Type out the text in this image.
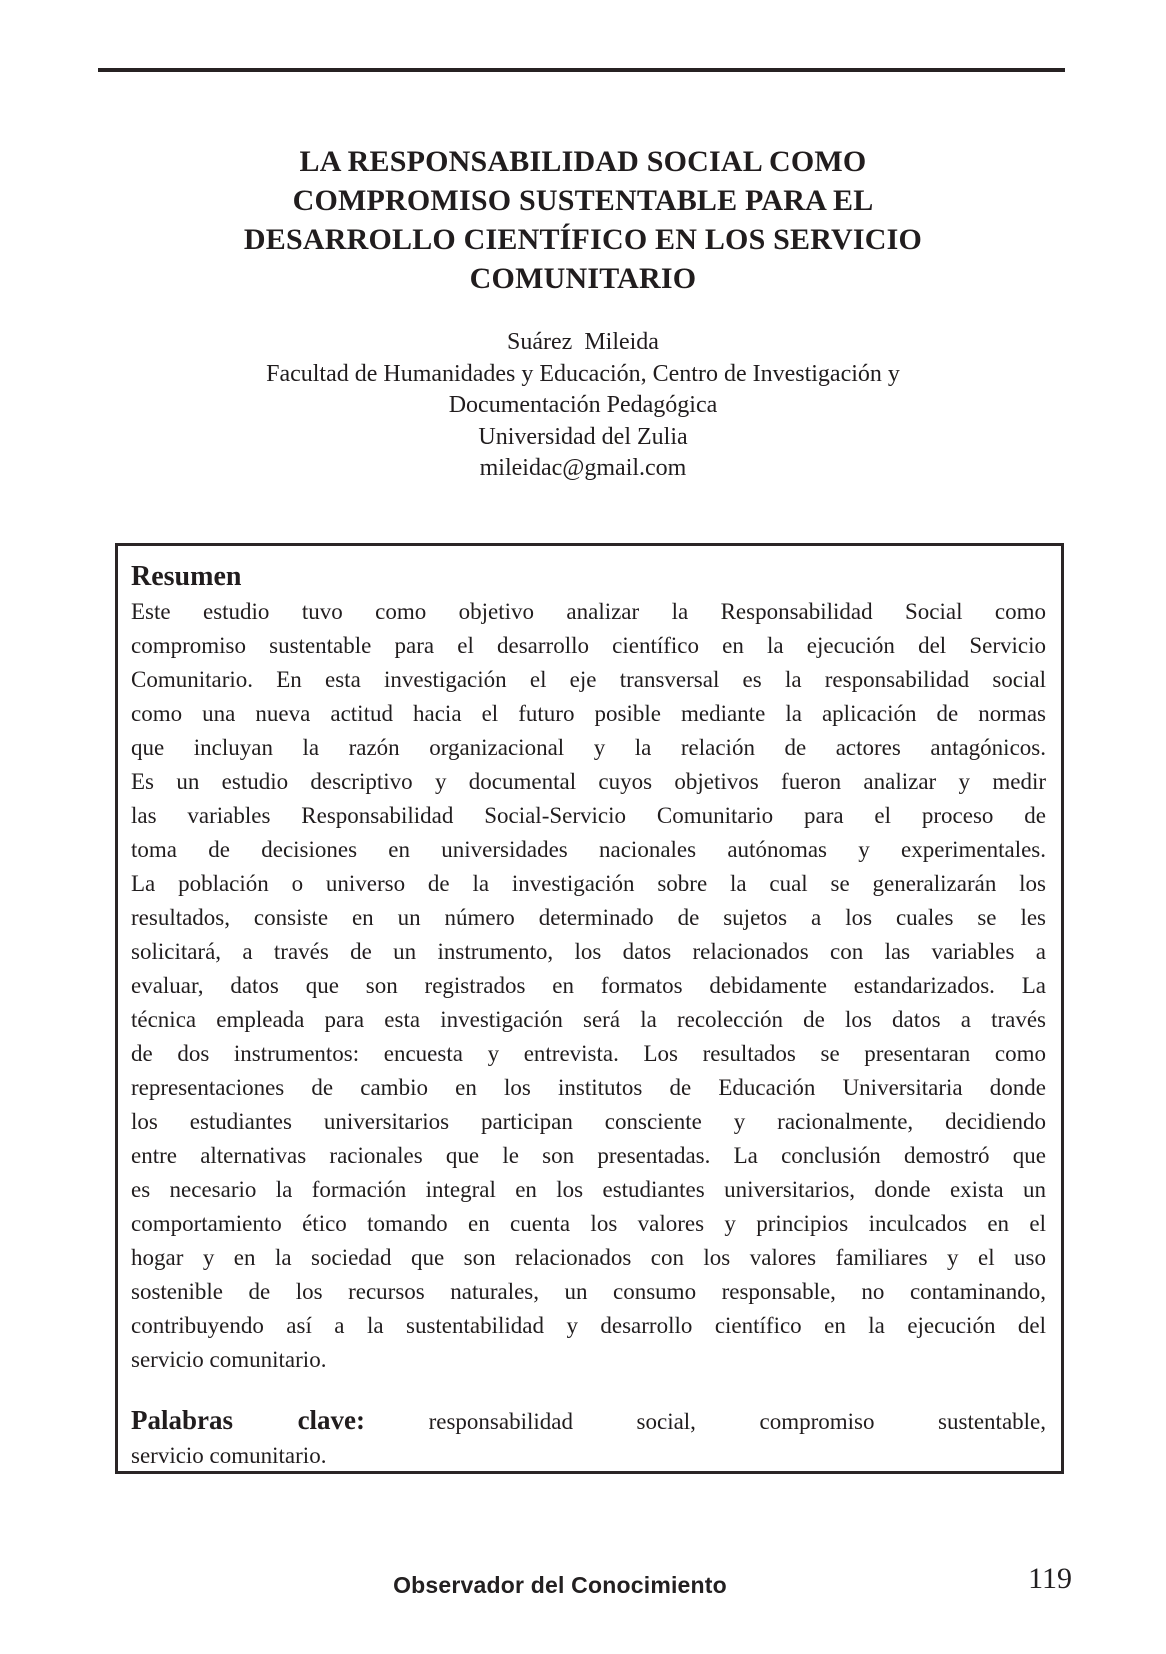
LA RESPONSABILIDAD SOCIAL COMO
COMPROMISO SUSTENTABLE PARA EL
DESARROLLO CIENTÍFICO EN LOS SERVICIO
COMUNITARIO
Suárez  Mileida
Facultad de Humanidades y Educación, Centro de Investigación y
Documentación Pedagógica
Universidad del Zulia
mileidac@gmail.com
Resumen
Este estudio tuvo como objetivo analizar la Responsabilidad Social como
compromiso sustentable para el desarrollo científico en la ejecución del Servicio
Comunitario. En esta investigación el eje transversal es la responsabilidad social
como una nueva actitud hacia el futuro posible mediante la aplicación de normas
que incluyan la razón organizacional y la relación de actores antagónicos.
Es un estudio descriptivo y documental cuyos objetivos fueron analizar y medir
las variables Responsabilidad Social-Servicio Comunitario para el proceso de
toma de decisiones en universidades nacionales autónomas y experimentales.
La población o universo de la investigación sobre la cual se generalizarán los
resultados, consiste en un número determinado de sujetos a los cuales se les
solicitará, a través de un instrumento, los datos relacionados con las variables a
evaluar, datos que son registrados en formatos debidamente estandarizados. La
técnica empleada para esta investigación será la recolección de los datos a través
de dos instrumentos: encuesta y entrevista. Los resultados se presentaran como
representaciones de cambio en los institutos de Educación Universitaria donde
los estudiantes universitarios participan consciente y racionalmente, decidiendo
entre alternativas racionales que le son presentadas. La conclusión demostró que
es necesario la formación integral en los estudiantes universitarios, donde exista un
comportamiento ético tomando en cuenta los valores y principios inculcados en el
hogar y en la sociedad que son relacionados con los valores familiares y el uso
sostenible de los recursos naturales, un consumo responsable, no contaminando,
contribuyendo así a la sustentabilidad y desarrollo científico en la ejecución del
servicio comunitario.
Palabras clave:	responsabilidad social, compromiso sustentable,
servicio comunitario.
Observador del Conocimiento	119
